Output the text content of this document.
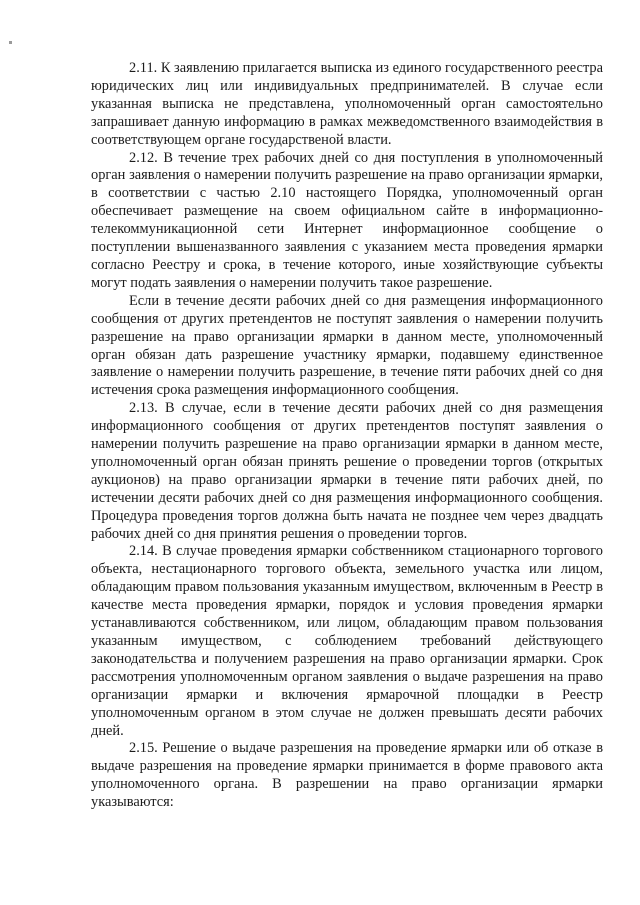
2.11. К заявлению прилагается выписка из единого государственного реестра юридических лиц или индивидуальных предпринимателей. В случае если указанная выписка не представлена, уполномоченный орган самостоятельно запрашивает данную информацию в рамках межведомственного взаимодействия в соответствующем органе государственой власти.

2.12. В течение трех рабочих дней со дня поступления в уполномоченный орган заявления о намерении получить разрешение на право организации ярмарки, в соответствии с частью 2.10 настоящего Порядка, уполномоченный орган обеспечивает размещение на своем официальном сайте в информационно-телекоммуникационной сети Интернет информационное сообщение о поступлении вышеназванного заявления с указанием места проведения ярмарки согласно Реестру и срока, в течение которого, иные хозяйствующие субъекты могут подать заявления о намерении получить такое разрешение.

Если в течение десяти рабочих дней со дня размещения информационного сообщения от других претендентов не поступят заявления о намерении получить разрешение на право организации ярмарки в данном месте, уполномоченный орган обязан дать разрешение участнику ярмарки, подавшему единственное заявление о намерении получить разрешение, в течение пяти рабочих дней со дня истечения срока размещения информационного сообщения.

2.13. В случае, если в течение десяти рабочих дней со дня размещения информационного сообщения от других претендентов поступят заявления о намерении получить разрешение на право организации ярмарки в данном месте, уполномоченный орган обязан принять решение о проведении торгов (открытых аукционов) на право организации ярмарки в течение пяти рабочих дней, по истечении десяти рабочих дней со дня размещения информационного сообщения. Процедура проведения торгов должна быть начата не позднее чем через двадцать рабочих дней со дня принятия решения о проведении торгов.

2.14. В случае проведения ярмарки собственником стационарного торгового объекта, нестационарного торгового объекта, земельного участка или лицом, обладающим правом пользования указанным имуществом, включенным в Реестр в качестве места проведения ярмарки, порядок и условия проведения ярмарки устанавливаются собственником, или лицом, обладающим правом пользования указанным имуществом, с соблюдением требований действующего законодательства и получением разрешения на право организации ярмарки. Срок рассмотрения уполномоченным органом заявления о выдаче разрешения на право организации ярмарки и включения ярмарочной площадки в Реестр уполномоченным органом в этом случае не должен превышать десяти рабочих дней.

2.15. Решение о выдаче разрешения на проведение ярмарки или об отказе в выдаче разрешения на проведение ярмарки принимается в форме правового акта уполномоченного органа. В разрешении на право организации ярмарки указываются:
